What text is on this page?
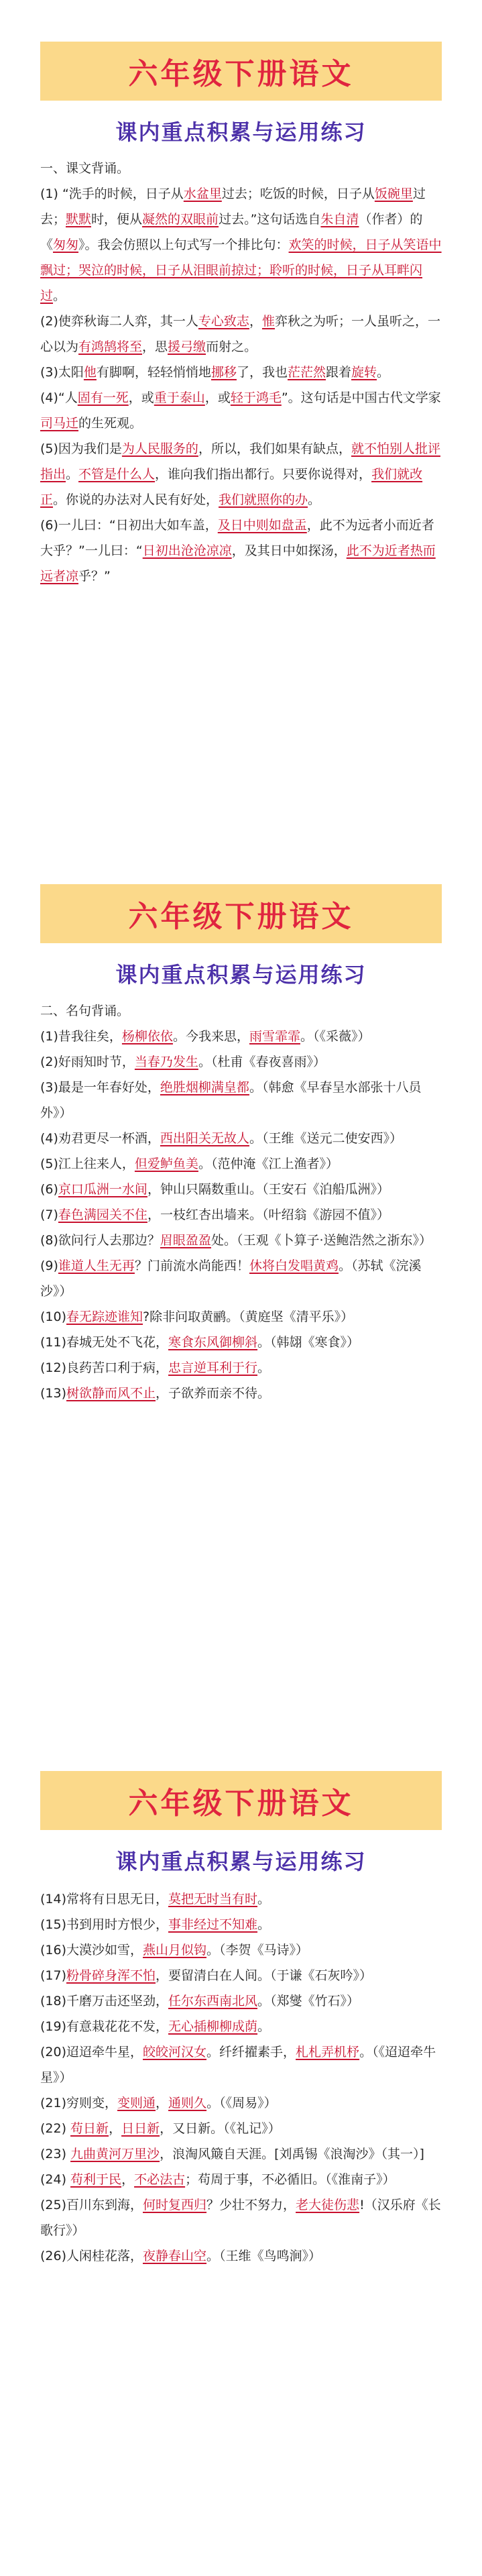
六年级下册语文
课内重点积累与运用练习

一、课文背诵。

(1) “洗手的时候，日子从水盆里过去；吃饭的时候，日子从饭碗里过去；默默时，便从凝然的双眼前过去。”这句话选自朱自清（作者）的《匆匆》。我会仿照以上句式写一个排比句：欢笑的时候，日子从笑语中飘过；哭泣的时候，日子从泪眼前掠过；聆听的时候，日子从耳畔闪过。

(2)使弈秋诲二人弈，其一人专心致志，惟弈秋之为听；一人虽听之，一心以为有鸿鹄将至，思援弓缴而射之。

(3)太阳他有脚啊，轻轻悄悄地挪移了，我也茫茫然跟着旋转。

(4)“人固有一死，或重于泰山，或轻于鸿毛”。这句话是中国古代文学家司马迁的生死观。

(5)因为我们是为人民服务的，所以，我们如果有缺点，就不怕别人批评指出。不管是什么人，谁向我们指出都行。只要你说得对，我们就改正。你说的办法对人民有好处，我们就照你的办。

(6)一儿曰：“日初出大如车盖，及日中则如盘盂，此不为远者小而近者大乎？”一儿曰：“日初出沧沧凉凉，及其日中如探汤，此不为近者热而远者凉乎？”

六年级下册语文
课内重点积累与运用练习

二、名句背诵。

(1)昔我往矣，杨柳依依。今我来思，雨雪霏霏。（《采薇》）

(2)好雨知时节，当春乃发生。（杜甫《春夜喜雨》）

(3)最是一年春好处，绝胜烟柳满皇都。（韩愈《早春呈水部张十八员外》）

(4)劝君更尽一杯酒，西出阳关无故人。（王维《送元二使安西》）

(5)江上往来人，但爱鲈鱼美。（范仲淹《江上渔者》）

(6)京口瓜洲一水间，钟山只隔数重山。（王安石《泊船瓜洲》）

(7)春色满园关不住，一枝红杏出墙来。（叶绍翁《游园不值》）

(8)欲问行人去那边？眉眼盈盈处。（王观《卜算子·送鲍浩然之浙东》）

(9)谁道人生无再？门前流水尚能西！休将白发唱黄鸡。（苏轼《浣溪沙》）

(10)春无踪迹谁知?除非问取黄鹂。（黄庭坚《清平乐》）

(11)春城无处不飞花，寒食东风御柳斜。（韩翃《寒食》）

(12)良药苦口利于病，忠言逆耳利于行。

(13)树欲静而风不止，子欲养而亲不待。

六年级下册语文
课内重点积累与运用练习

(14)常将有日思无日，莫把无时当有时。

(15)书到用时方恨少，事非经过不知难。

(16)大漠沙如雪，燕山月似钩。（李贺《马诗》）

(17)粉骨碎身浑不怕，要留清白在人间。（于谦《石灰吟》）

(18)千磨万击还坚劲，任尔东西南北风。（郑燮《竹石》）

(19)有意栽花花不发，无心插柳柳成荫。

(20)迢迢牵牛星，皎皎河汉女。纤纤擢素手，札札弄机杼。（《迢迢牵牛星》）

(21)穷则变，变则通，通则久。（《周易》）

(22) 苟日新，日日新，又日新。（《礼记》）

(23) 九曲黄河万里沙，浪淘风簸自天涯。[刘禹锡《浪淘沙》（其一）]

(24) 苟利于民，不必法古；苟周于事，不必循旧。（《淮南子》）

(25)百川东到海，何时复西归？少壮不努力，老大徒伤悲!（汉乐府《长歌行》）

(26)人闲桂花落，夜静春山空。（王维《鸟鸣涧》）
